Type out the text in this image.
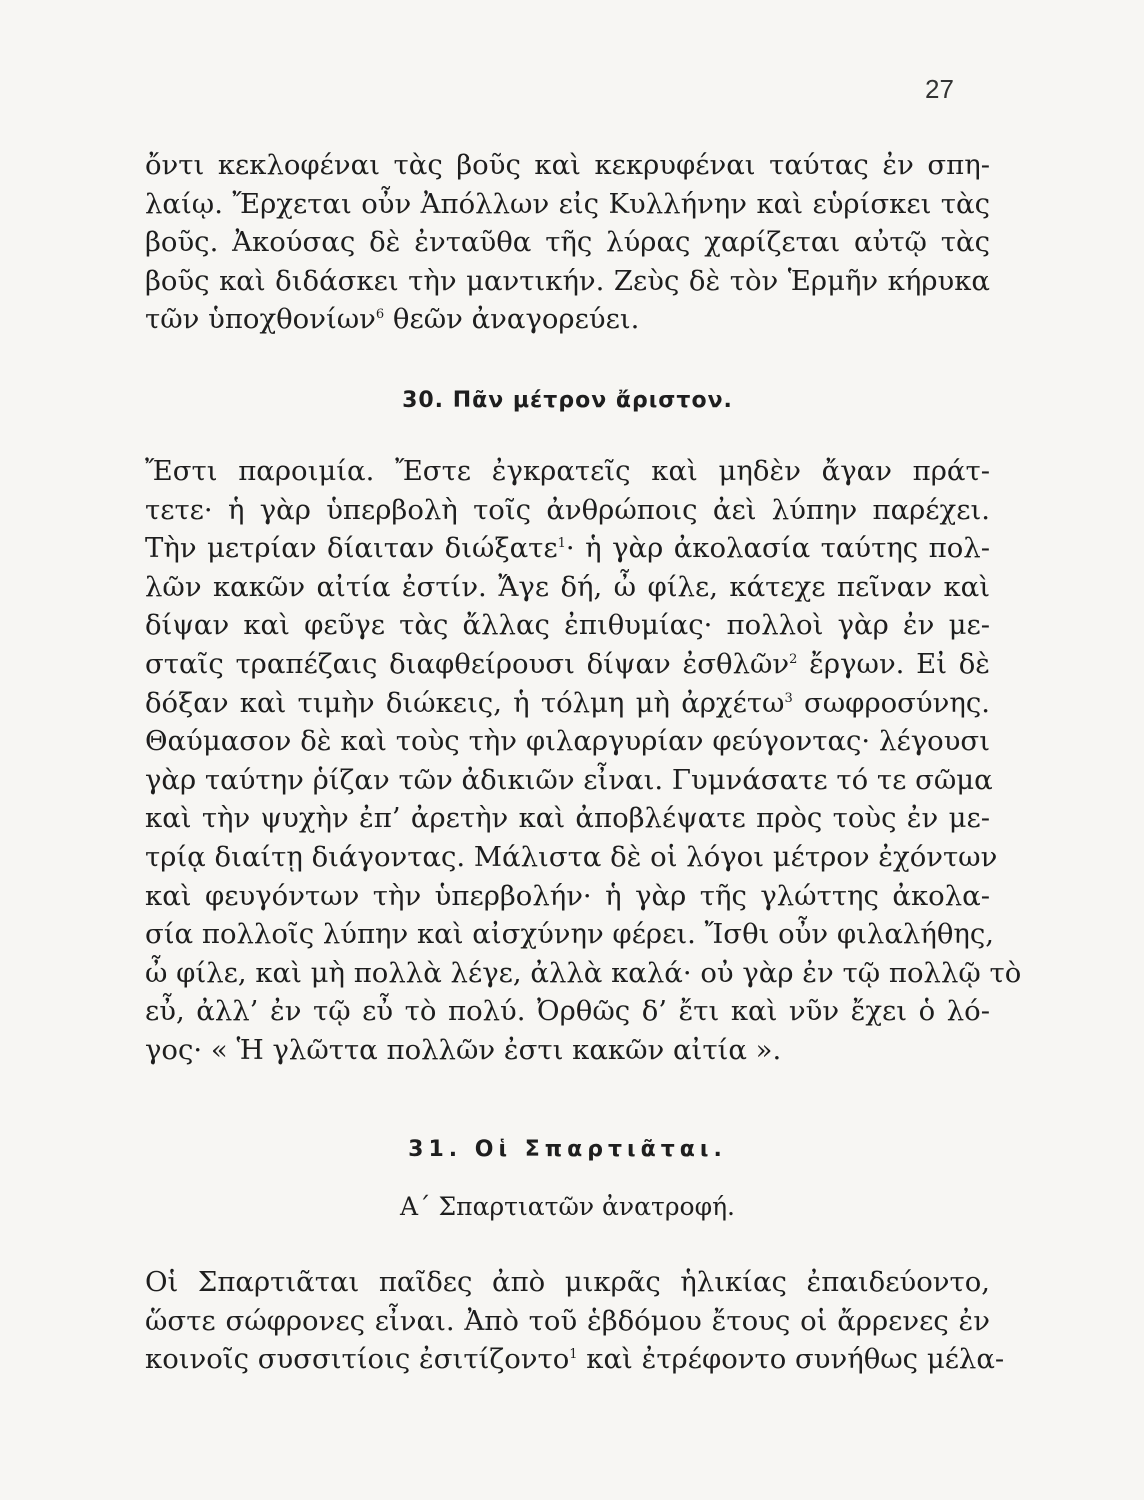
27
ὄντι κεκλοφέναι τὰς βοῦς καὶ κεκρυφέναι ταύτας ἐν σπη-
λαίῳ. Ἔρχεται οὖν Ἀπόλλων εἰς Κυλλήνην καὶ εὑρίσκει τὰς
βοῦς. Ἀκούσας δὲ ἐνταῦθα τῆς λύρας χαρίζεται αὐτῷ τὰς
βοῦς καὶ διδάσκει τὴν μαντικήν. Ζεὺς δὲ τὸν Ἑρμῆν κήρυκα
τῶν ὑποχθονίων$^6$ θεῶν ἀναγορεύει.
30. Πᾶν μέτρον ἄριστον.
Ἔστι παροιμία. Ἔστε ἐγκρατεῖς καὶ μηδὲν ἄγαν πράτ-
τετε· ἡ γὰρ ὑπερβολὴ τοῖς ἀνθρώποις ἀεὶ λύπην παρέχει.
Τὴν μετρίαν δίαιταν διώξατε$^1$· ἡ γὰρ ἀκολασία ταύτης πολ-
λῶν κακῶν αἰτία ἐστίν. Ἄγε δή, ὦ φίλε, κάτεχε πεῖναν καὶ
δίψαν καὶ φεῦγε τὰς ἄλλας ἐπιθυμίας· πολλοὶ γὰρ ἐν με-
σταῖς τραπέζαις διαφθείρουσι δίψαν ἐσθλῶν$^2$ ἔργων. Εἰ δὲ
δόξαν καὶ τιμὴν διώκεις, ἡ τόλμη μὴ ἀρχέτω$^3$ σωφροσύνης.
Θαύμασον δὲ καὶ τοὺς τὴν φιλαργυρίαν φεύγοντας· λέγουσι
γὰρ ταύτην ῥίζαν τῶν ἀδικιῶν εἶναι. Γυμνάσατε τό τε σῶμα
καὶ τὴν ψυχὴν ἐπ’ ἀρετὴν καὶ ἀποβλέψατε πρὸς τοὺς ἐν με-
τρίᾳ διαίτῃ διάγοντας. Μάλιστα δὲ οἱ λόγοι μέτρον ἐχόντων
καὶ φευγόντων τὴν ὑπερβολήν· ἡ γὰρ τῆς γλώττης ἀκολα-
σία πολλοῖς λύπην καὶ αἰσχύνην φέρει. Ἴσθι οὖν φιλαλήθης,
ὦ φίλε, καὶ μὴ πολλὰ λέγε, ἀλλὰ καλά· οὐ γὰρ ἐν τῷ πολλῷ τὸ
εὖ, ἀλλ’ ἐν τῷ εὖ τὸ πολύ. Ὀρθῶς δ’ ἔτι καὶ νῦν ἔχει ὁ λό-
γος· « Ἡ γλῶττα πολλῶν ἐστι κακῶν αἰτία ».
31. Οἱ Σπαρτιᾶται.
Α΄ Σπαρτιατῶν ἀνατροφή.
Οἱ Σπαρτιᾶται παῖδες ἀπὸ μικρᾶς ἡλικίας ἐπαιδεύοντο,
ὥστε σώφρονες εἶναι. Ἀπὸ τοῦ ἑβδόμου ἔτους οἱ ἄρρενες ἐν
κοινοῖς συσσιτίοις ἐσιτίζοντο$^1$ καὶ ἐτρέφοντο συνήθως μέλα-
